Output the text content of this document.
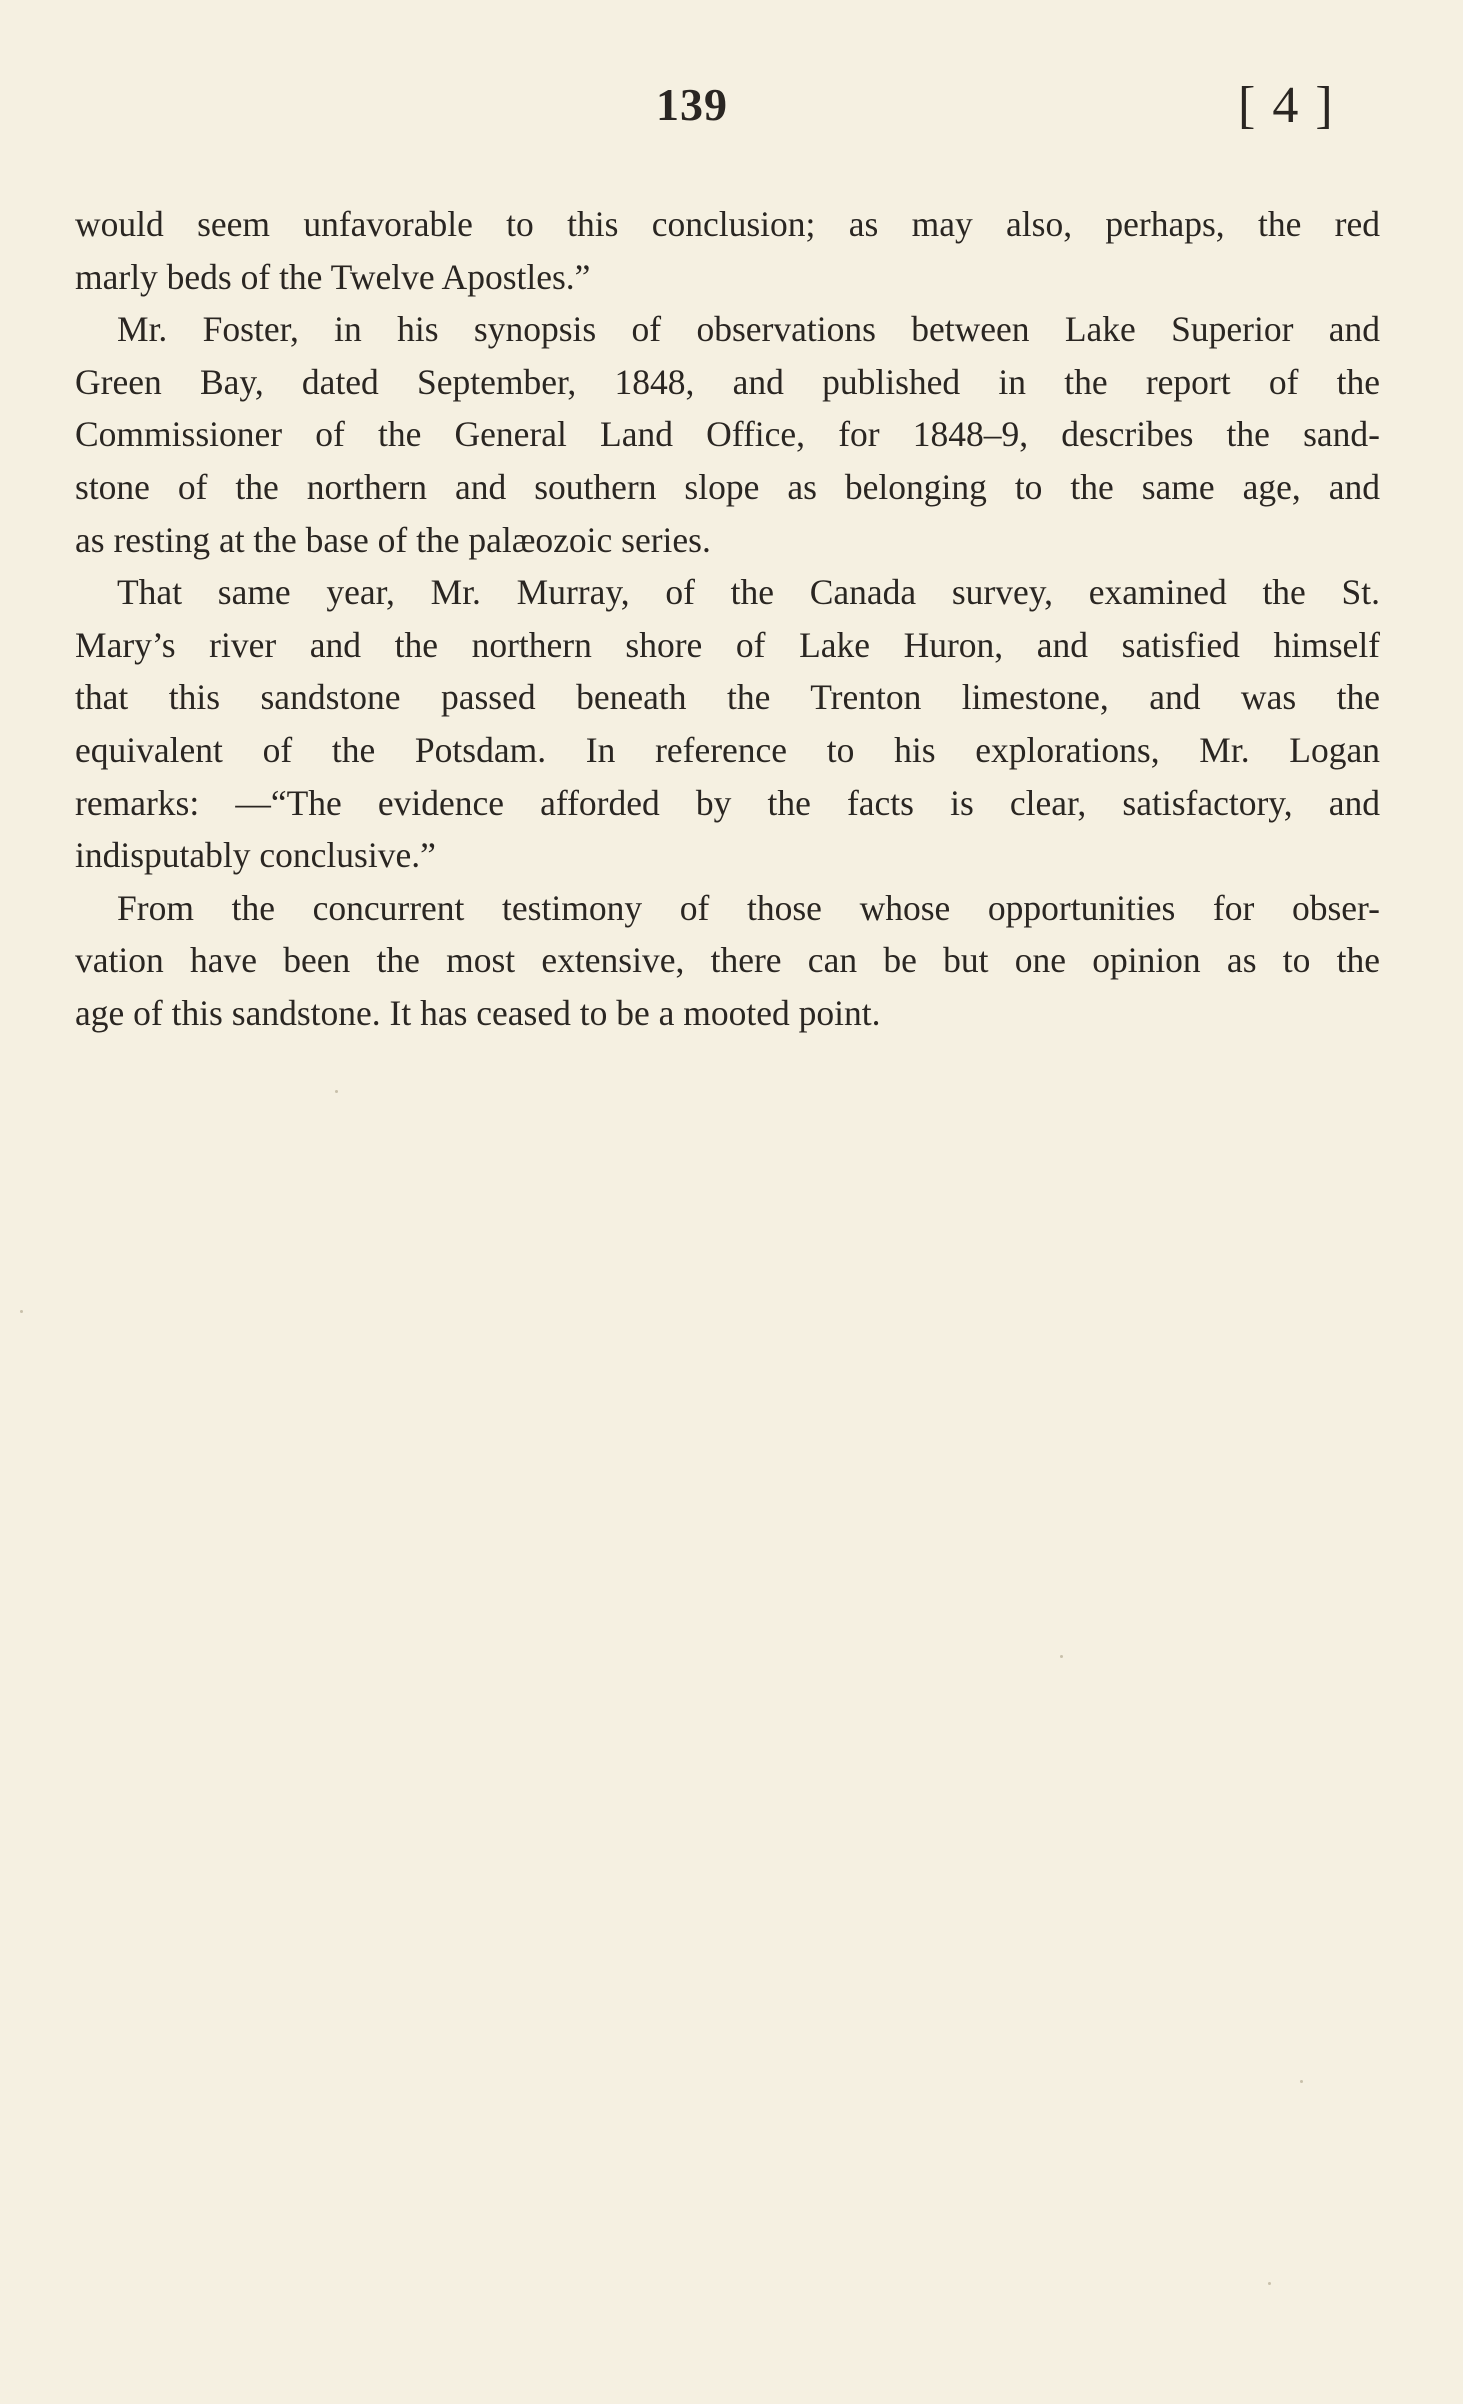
139	[ 4 ]

would seem unfavorable to this conclusion; as may also, perhaps, the red
marly beds of the Twelve Apostles.”

Mr. Foster, in his synopsis of observations between Lake Superior and
Green Bay, dated September, 1848, and published in the report of the
Commissioner of the General Land Office, for 1848–9, describes the sand-
stone of the northern and southern slope as belonging to the same age, and
as resting at the base of the palæozoic series.

That same year, Mr. Murray, of the Canada survey, examined the St.
Mary’s river and the northern shore of Lake Huron, and satisfied himself
that this sandstone passed beneath the Trenton limestone, and was the
equivalent of the Potsdam. In reference to his explorations, Mr. Logan
remarks: —“The evidence afforded by the facts is clear, satisfactory, and
indisputably conclusive.”

From the concurrent testimony of those whose opportunities for obser-
vation have been the most extensive, there can be but one opinion as to the
age of this sandstone. It has ceased to be a mooted point.
